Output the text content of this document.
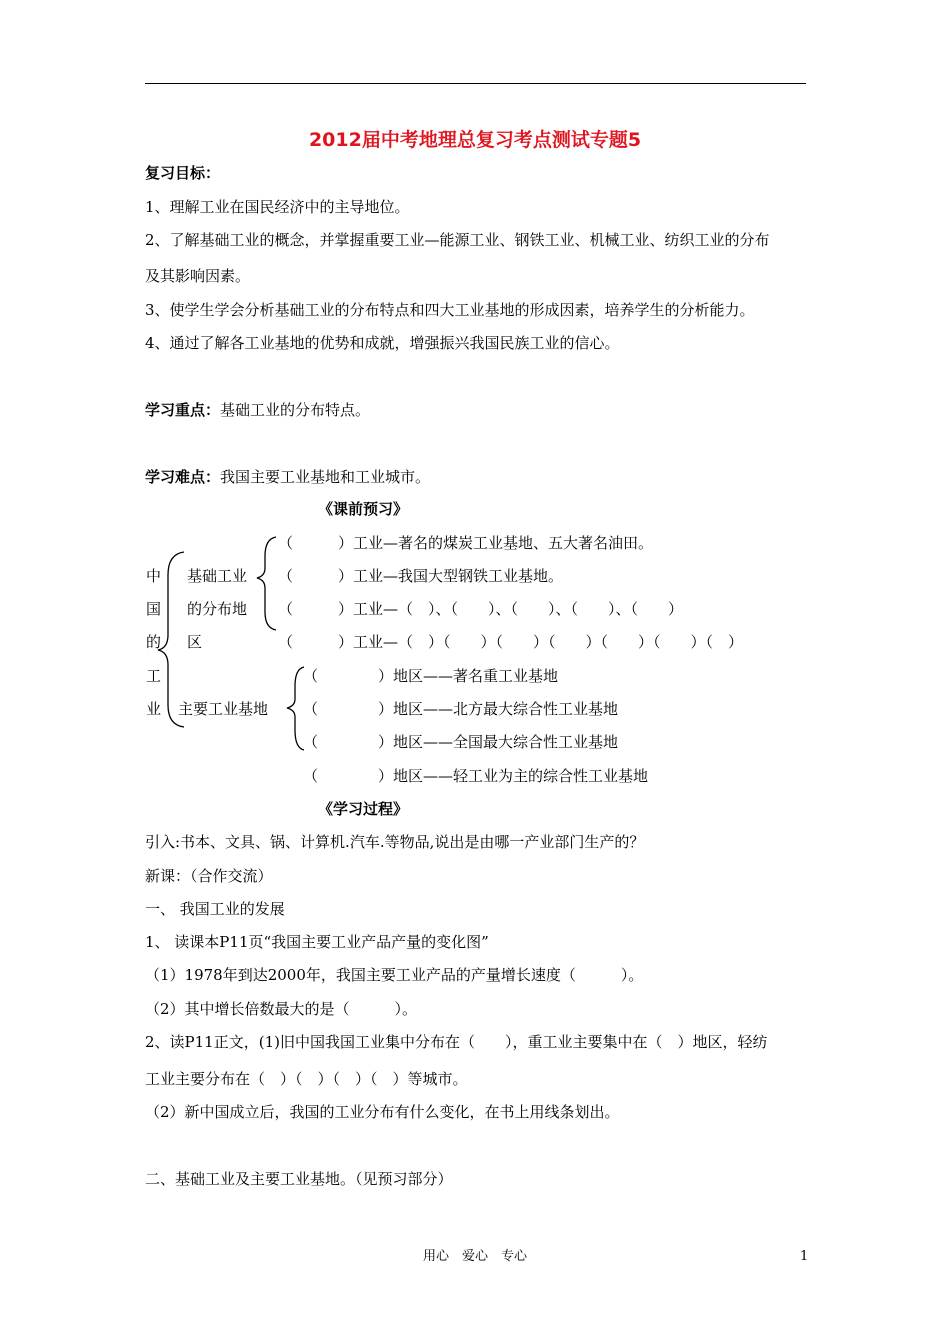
2012届中考地理总复习考点测试专题5
复习目标：
1、理解工业在国民经济中的主导地位。
2、了解基础工业的概念，并掌握重要工业—能源工业、钢铁工业、机械工业、纺织工业的分布
及其影响因素。
3、使学生学会分析基础工业的分布特点和四大工业基地的形成因素，培养学生的分析能力。
4、通过了解各工业基地的优势和成就，增强振兴我国民族工业的信心。
学习重点：基础工业的分布特点。
学习难点：我国主要工业基地和工业城市。
《课前预习》
中
国
的
工
业
基础工业
的分布地
区
（　　　）工业—著名的煤炭工业基地、五大著名油田。
（　　　）工业—我国大型钢铁工业基地。
（　　　）工业—（　）、（　　）、（　　）、（　　）、（　　）
（　　　）工业—（　）（　　）（　　）（　　）（　　）（　　）（　）
主要工业基地
（　　　　）地区——著名重工业基地
（　　　　）地区——北方最大综合性工业基地
（　　　　）地区——全国最大综合性工业基地
（　　　　）地区——轻工业为主的综合性工业基地
《学习过程》
引入:书本、文具、锅、计算机.汽车.等物品,说出是由哪一产业部门生产的？
新课：（合作交流）
一、 我国工业的发展
1、 读课本P11页“我国主要工业产品产量的变化图”
（1）1978年到达2000年，我国主要工业产品的产量增长速度（　　　）。
（2）其中增长倍数最大的是（　　　）。
2、读P11正文，(1)旧中国我国工业集中分布在（　　），重工业主要集中在（　）地区，轻纺
工业主要分布在（　）（　）（　）（　）等城市。
（2）新中国成立后，我国的工业分布有什么变化，在书上用线条划出。
二、基础工业及主要工业基地。（见预习部分）
用心　爱心　专心	1
